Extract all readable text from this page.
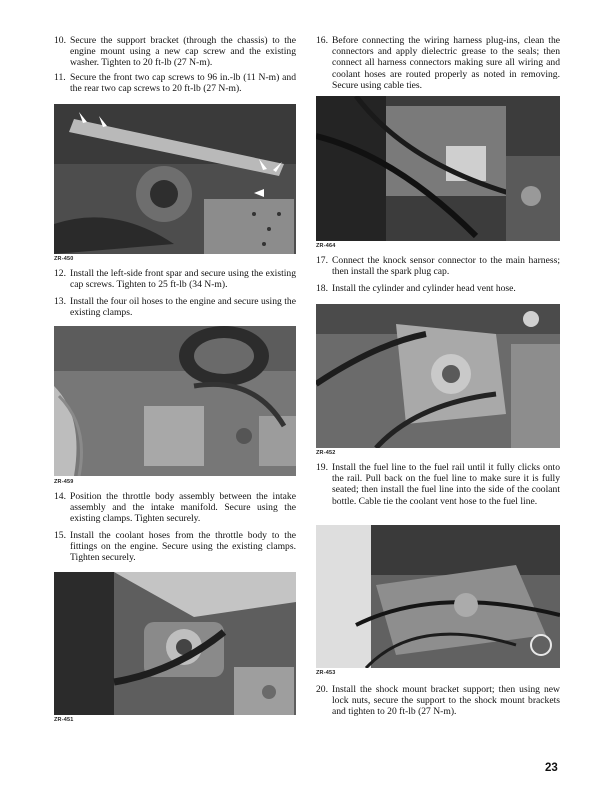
10. Secure the support bracket (through the chassis) to the engine mount using a new cap screw and the existing washer. Tighten to 20 ft-lb (27 N-m).
11. Secure the front two cap screws to 96 in.-lb (11 N-m) and the rear two cap screws to 20 ft-lb (27 N-m).
ZR-450
12. Install the left-side front spar and secure using the existing cap screws. Tighten to 25 ft-lb (34 N-m).
13. Install the four oil hoses to the engine and secure using the existing clamps.
ZR-459
14. Position the throttle body assembly between the intake assembly and the intake manifold. Secure using the existing clamps. Tighten securely.
15. Install the coolant hoses from the throttle body to the fittings on the engine. Secure using the existing clamps. Tighten securely.
ZR-451
16. Before connecting the wiring harness plug-ins, clean the connectors and apply dielectric grease to the seals; then connect all harness connectors making sure all wiring and coolant hoses are routed properly as noted in removing. Secure using cable ties.
ZR-464
17. Connect the knock sensor connector to the main harness; then install the spark plug cap.
18. Install the cylinder and cylinder head vent hose.
ZR-452
19. Install the fuel line to the fuel rail until it fully clicks onto the rail. Pull back on the fuel line to make sure it is fully seated; then install the fuel line into the side of the coolant bottle. Cable tie the coolant vent hose to the fuel line.
ZR-453
20. Install the shock mount bracket support; then using new lock nuts, secure the support to the shock mount brackets and tighten to 20 ft-lb (27 N-m).
23
